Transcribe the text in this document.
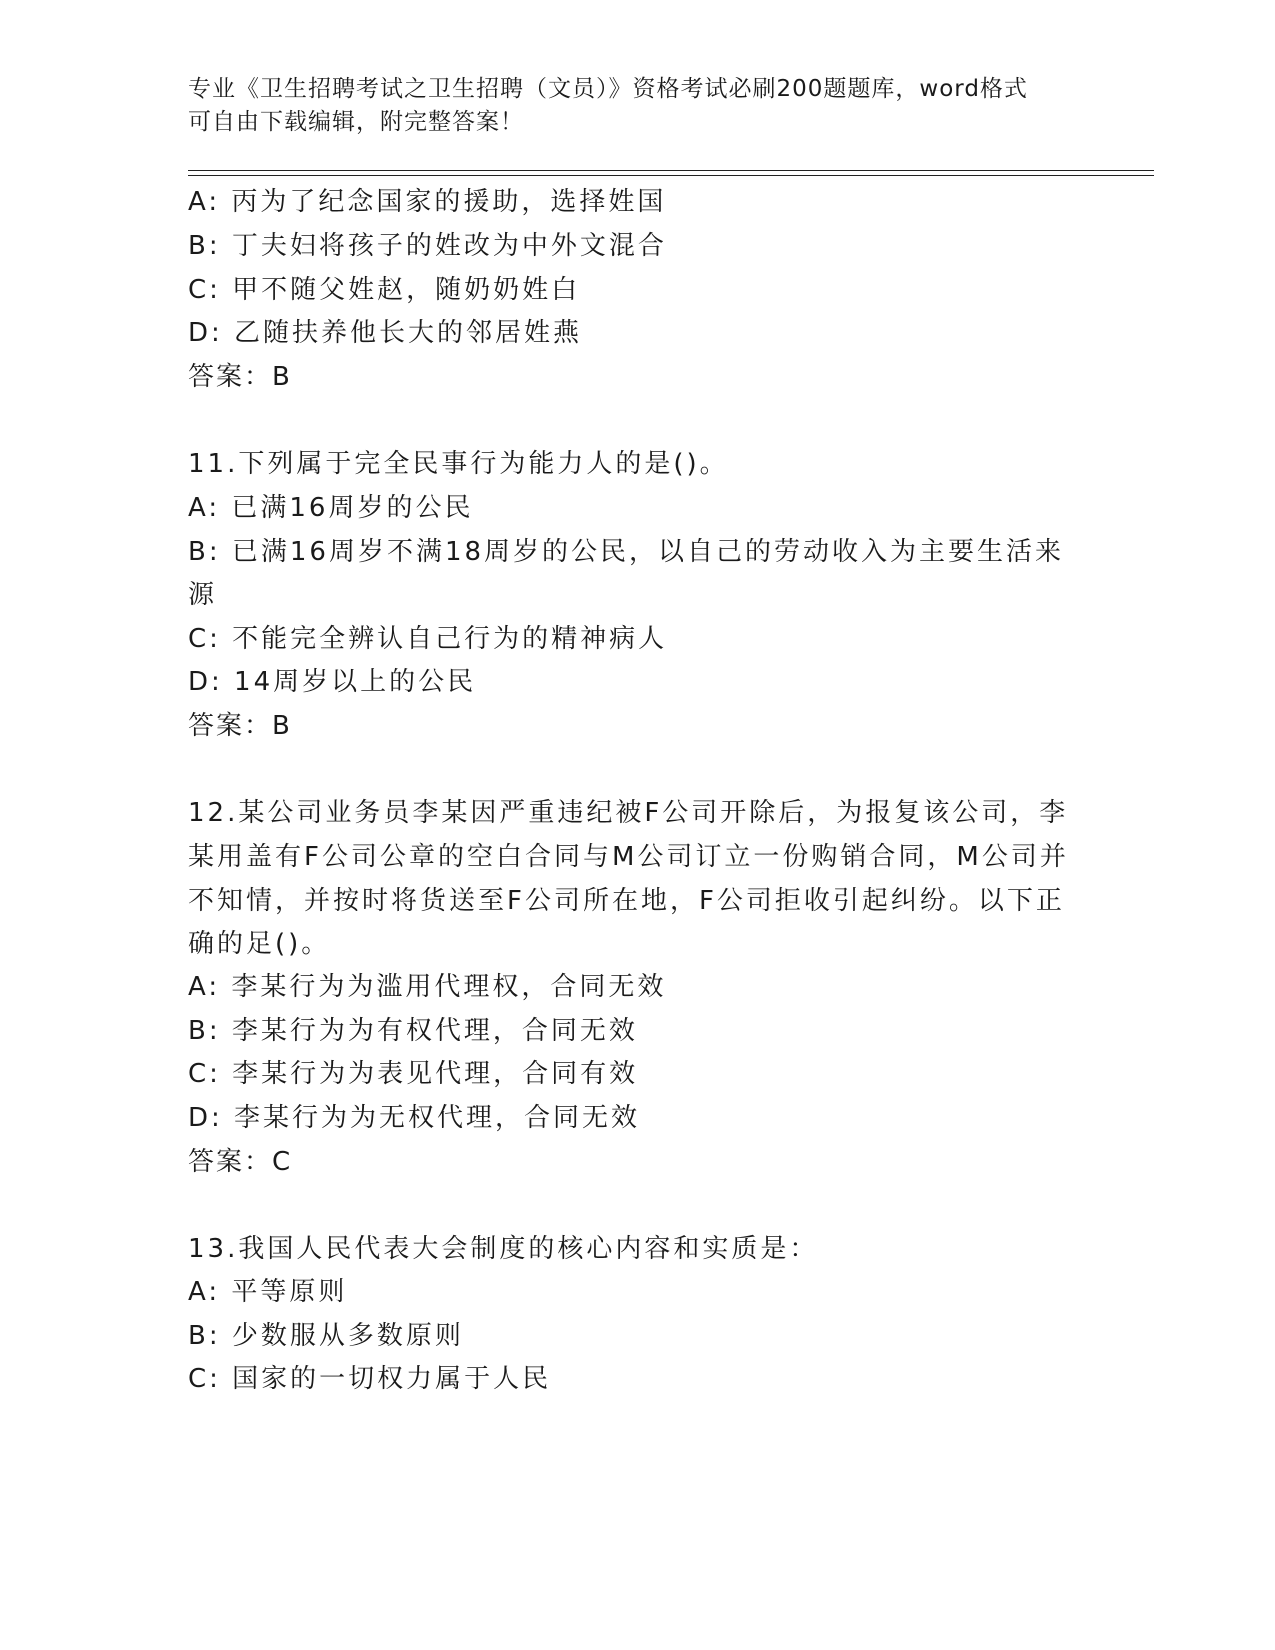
专业《卫生招聘考试之卫生招聘（文员）》资格考试必刷200题题库，word格式
可自由下载编辑，附完整答案！
A: 丙为了纪念国家的援助，选择姓国
B: 丁夫妇将孩子的姓改为中外文混合
C: 甲不随父姓赵，随奶奶姓白
D: 乙随扶养他长大的邻居姓燕
答案：B
11.下列属于完全民事行为能力人的是()。
A: 已满16周岁的公民
B: 已满16周岁不满18周岁的公民，以自己的劳动收入为主要生活来
源
C: 不能完全辨认自己行为的精神病人
D: 14周岁以上的公民
答案：B
12.某公司业务员李某因严重违纪被F公司开除后，为报复该公司，李
某用盖有F公司公章的空白合同与M公司订立一份购销合同，M公司并
不知情，并按时将货送至F公司所在地，F公司拒收引起纠纷。以下正
确的足()。
A: 李某行为为滥用代理权，合同无效
B: 李某行为为有权代理，合同无效
C: 李某行为为表见代理，合同有效
D: 李某行为为无权代理，合同无效
答案：C
13.我国人民代表大会制度的核心内容和实质是：
A: 平等原则
B: 少数服从多数原则
C: 国家的一切权力属于人民
